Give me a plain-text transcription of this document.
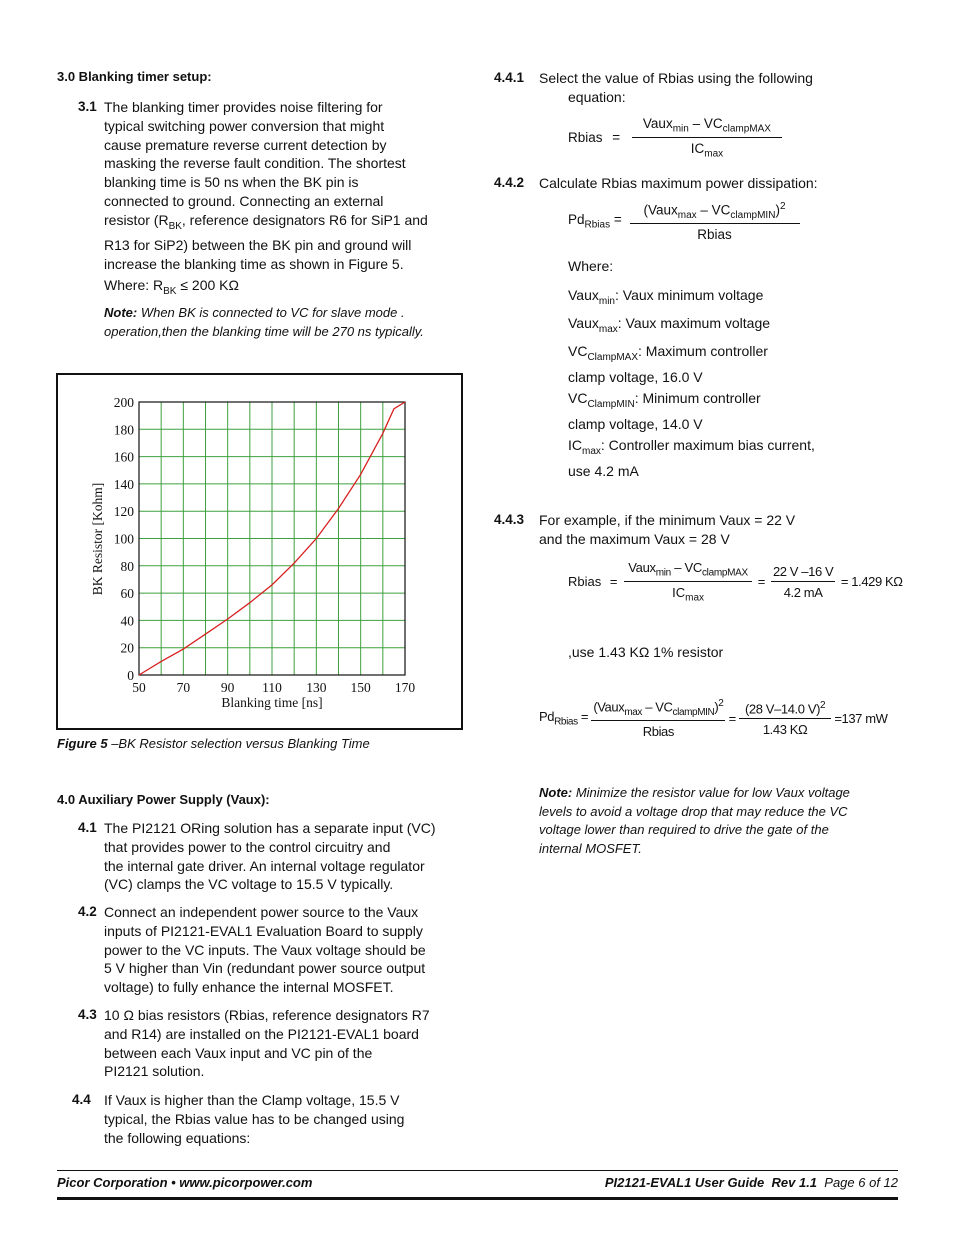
3.0 Blanking timer setup:
3.1 The blanking timer provides noise filtering for
typical switching power conversion that might
cause premature reverse current detection by
masking the reverse fault condition. The shortest
blanking time is 50 ns when the BK pin is
connected to ground. Connecting an external
resistor ($R_{BK}$, reference designators R6 for SiP1 and
R13 for SiP2) between the BK pin and ground will
increase the blanking time as shown in Figure 5.
Where: $R_{BK} \le 200$ KΩ
Note: When BK is connected to VC for slave mode .
operation,then the blanking time will be 270 ns typically.
50 70 90 110 130 150 170
0
20
40
60
80
100
120
140
160
180
200
Blanking time [ns]
BK Resistor [Kohm]
Figure 5 –BK Resistor selection versus Blanking Time
4.0 Auxiliary Power Supply (Vaux):
4.1 The PI2121 ORing solution has a separate input (VC)
that provides power to the control circuitry and
the internal gate driver. An internal voltage regulator
(VC) clamps the VC voltage to 15.5 V typically.
4.2 Connect an independent power source to the Vaux
inputs of PI2121-EVAL1 Evaluation Board to supply
power to the VC inputs. The Vaux voltage should be
5 V higher than Vin (redundant power source output
voltage) to fully enhance the internal MOSFET.
4.3 10 Ω bias resistors (Rbias, reference designators R7
and R14) are installed on the PI2121-EVAL1 board
between each Vaux input and VC pin of the
PI2121 solution.
4.4 If Vaux is higher than the Clamp voltage, 15.5 V
typical, the Rbias value has to be changed using
the following equations:
4.4.1 Select the value of Rbias using the following
equation:
Rbias = $\frac{Vaux_{min} - VC_{clampMAX}}{IC_{max}}$
4.4.2 Calculate Rbias maximum power dissipation:
$Pd_{Rbias} = \frac{(Vaux_{max} - VC_{clampMIN})^2}{\text{Rbias}}$
Where:
Vaux$_{min}$: Vaux minimum voltage
Vaux$_{max}$: Vaux maximum voltage
$VC_{ClampMAX}$: Maximum controller
clamp voltage, 16.0 V
$VC_{ClampMIN}$: Minimum controller
clamp voltage, 14.0 V
$IC_{max}$: Controller maximum bias current,
use 4.2 mA
4.4.3 For example, if the minimum Vaux = 22 V
and the maximum Vaux = 28 V
Rbias = $\frac{Vaux_{min} - VC_{clampMAX}}{IC_{max}} = \frac{22 V -16 V}{4.2 mA} = 1.429$ KΩ
,use 1.43 KΩ 1% resistor
$Pd_{Rbias} = \frac{(Vaux_{max} - VC_{clampMIN})^2}{\text{Rbias}} = \frac{(28 V-14.0 V)^2}{1.43 K\Omega} =137$ mW
Note: Minimize the resistor value for low Vaux voltage
levels to avoid a voltage drop that may reduce the VC
voltage lower than required to drive the gate of the
internal MOSFET.
Picor Corporation • www.picorpower.com	PI2121-EVAL1 User Guide  Rev 1.1  Page 6 of 12
